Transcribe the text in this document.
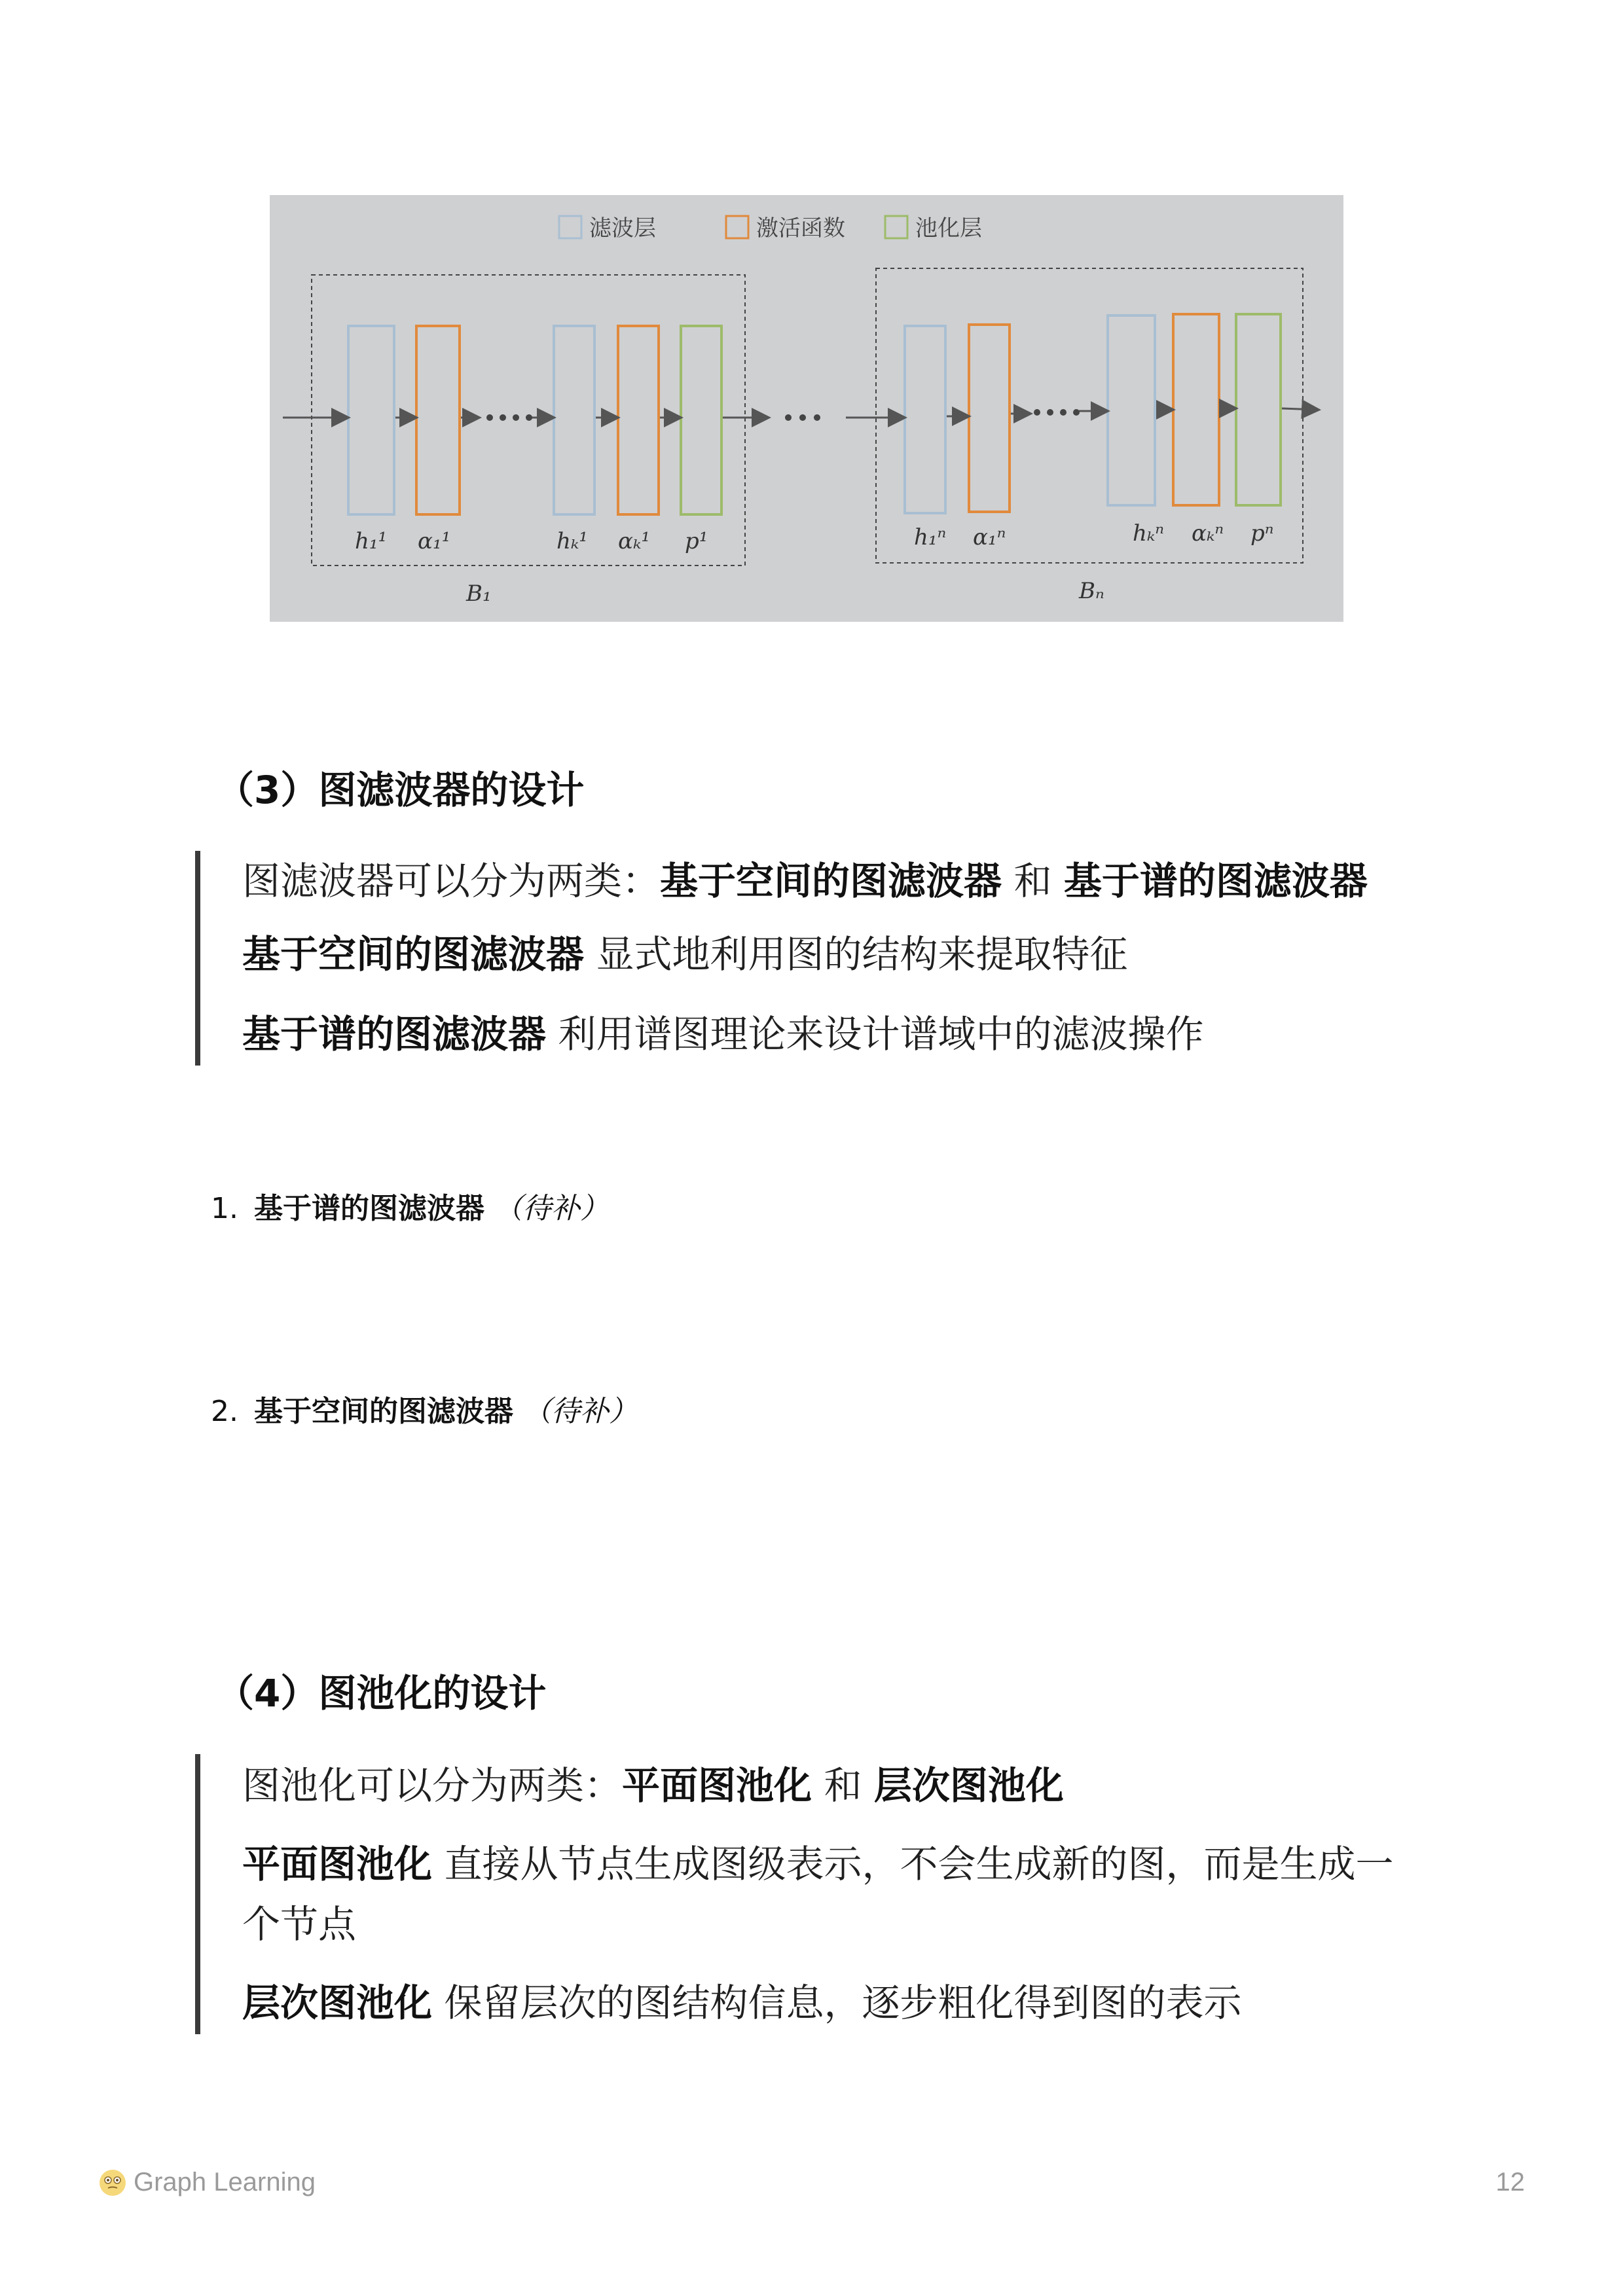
滤波层	激活函数	池化层
h₁¹ α₁¹	hₖ¹ αₖ¹ p¹
B₁
h₁ⁿ α₁ⁿ	hₖⁿ αₖⁿ pⁿ
Bₙ
（3）图滤波器的设计

图滤波器可以分为两类：基于空间的图滤波器 和 基于谱的图滤波器

基于空间的图滤波器 显式地利用图的结构来提取特征

基于谱的图滤波器 利用谱图理论来设计谱域中的滤波操作

1. 基于谱的图滤波器 （待补）
2. 基于空间的图滤波器 （待补）
（4）图池化的设计

图池化可以分为两类：平面图池化 和 层次图池化

平面图池化 直接从节点生成图级表示，不会生成新的图，而是生成一个节点

层次图池化 保留层次的图结构信息，逐步粗化得到图的表示

Graph Learning	12
